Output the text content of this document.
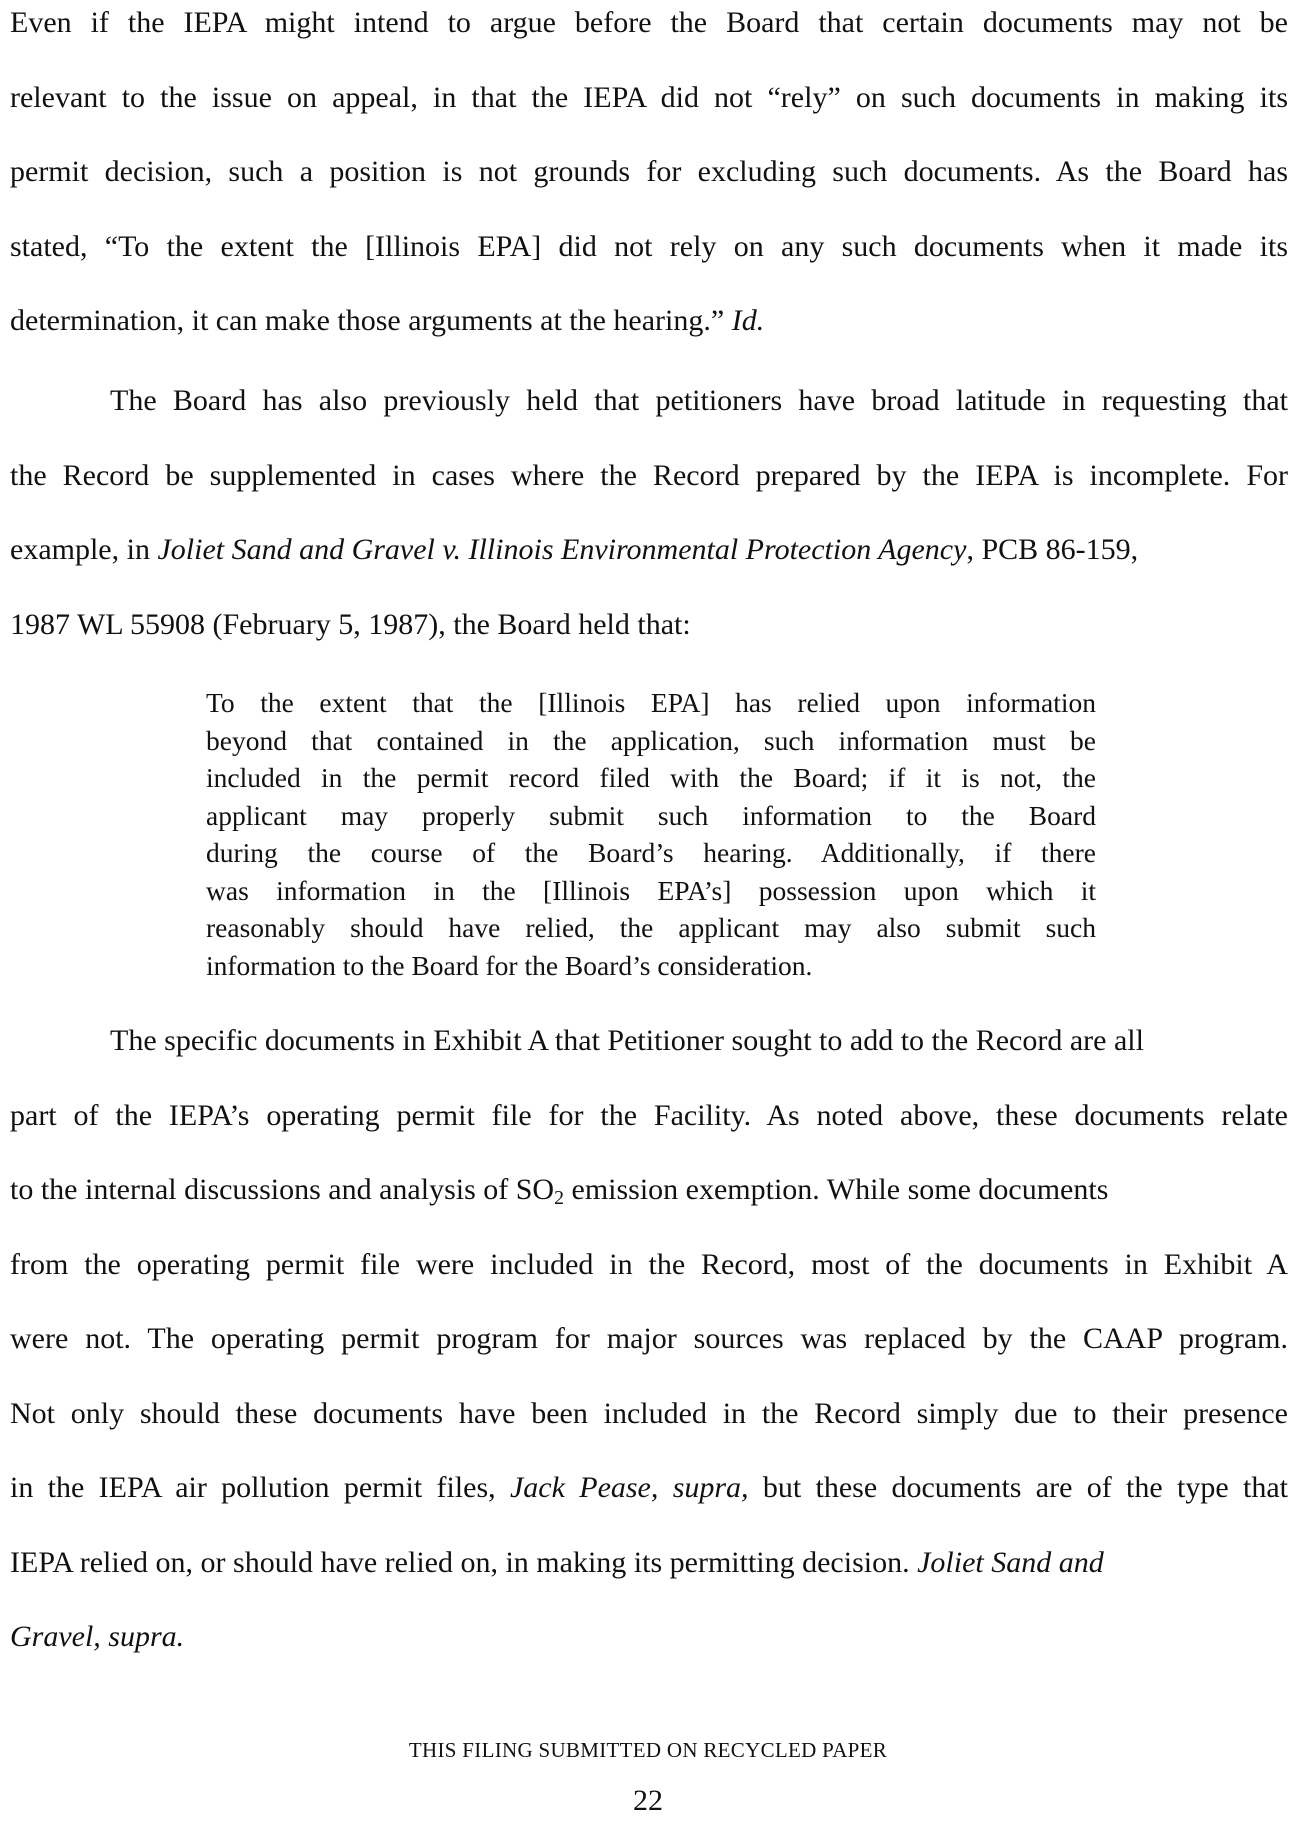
Even if the IEPA might intend to argue before the Board that certain documents may not be
relevant to the issue on appeal, in that the IEPA did not “rely” on such documents in making its
permit decision, such a position is not grounds for excluding such documents. As the Board has
stated, “To the extent the [Illinois EPA] did not rely on any such documents when it made its
determination, it can make those arguments at the hearing.” Id.
The Board has also previously held that petitioners have broad latitude in requesting that
the Record be supplemented in cases where the Record prepared by the IEPA is incomplete. For
example, in Joliet Sand and Gravel v. Illinois Environmental Protection Agency, PCB 86-159,
1987 WL 55908 (February 5, 1987), the Board held that:
To the extent that the [Illinois EPA] has relied upon information
beyond that contained in the application, such information must be
included in the permit record filed with the Board; if it is not, the
applicant may properly submit such information to the Board
during the course of the Board’s hearing. Additionally, if there
was information in the [Illinois EPA’s] possession upon which it
reasonably should have relied, the applicant may also submit such
information to the Board for the Board’s consideration.
The specific documents in Exhibit A that Petitioner sought to add to the Record are all
part of the IEPA’s operating permit file for the Facility. As noted above, these documents relate
to the internal discussions and analysis of $SO_2$ emission exemption. While some documents
from the operating permit file were included in the Record, most of the documents in Exhibit A
were not. The operating permit program for major sources was replaced by the CAAP program.
Not only should these documents have been included in the Record simply due to their presence
in the IEPA air pollution permit files, Jack Pease, supra, but these documents are of the type that
IEPA relied on, or should have relied on, in making its permitting decision. Joliet Sand and
Gravel, supra.
THIS FILING SUBMITTED ON RECYCLED PAPER
22
